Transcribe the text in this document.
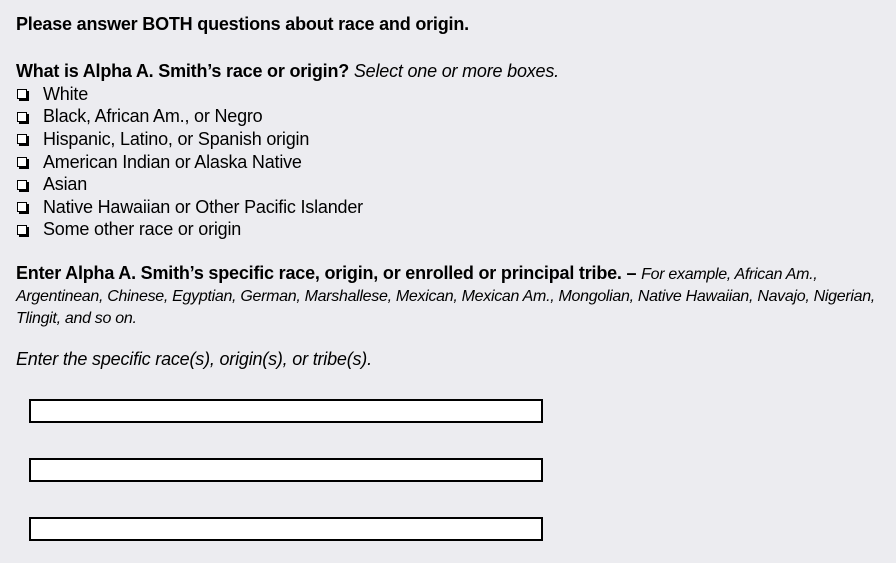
Please answer BOTH questions about race and origin.
What is Alpha A. Smith’s race or origin? Select one or more boxes.
White
Black, African Am., or Negro
Hispanic, Latino, or Spanish origin
American Indian or Alaska Native
Asian
Native Hawaiian or Other Pacific Islander
Some other race or origin
Enter Alpha A. Smith’s specific race, origin, or enrolled or principal tribe. – For example, African Am., Argentinean, Chinese, Egyptian, German, Marshallese, Mexican, Mexican Am., Mongolian, Native Hawaiian, Navajo, Nigerian, Tlingit, and so on.
Enter the specific race(s), origin(s), or tribe(s).
